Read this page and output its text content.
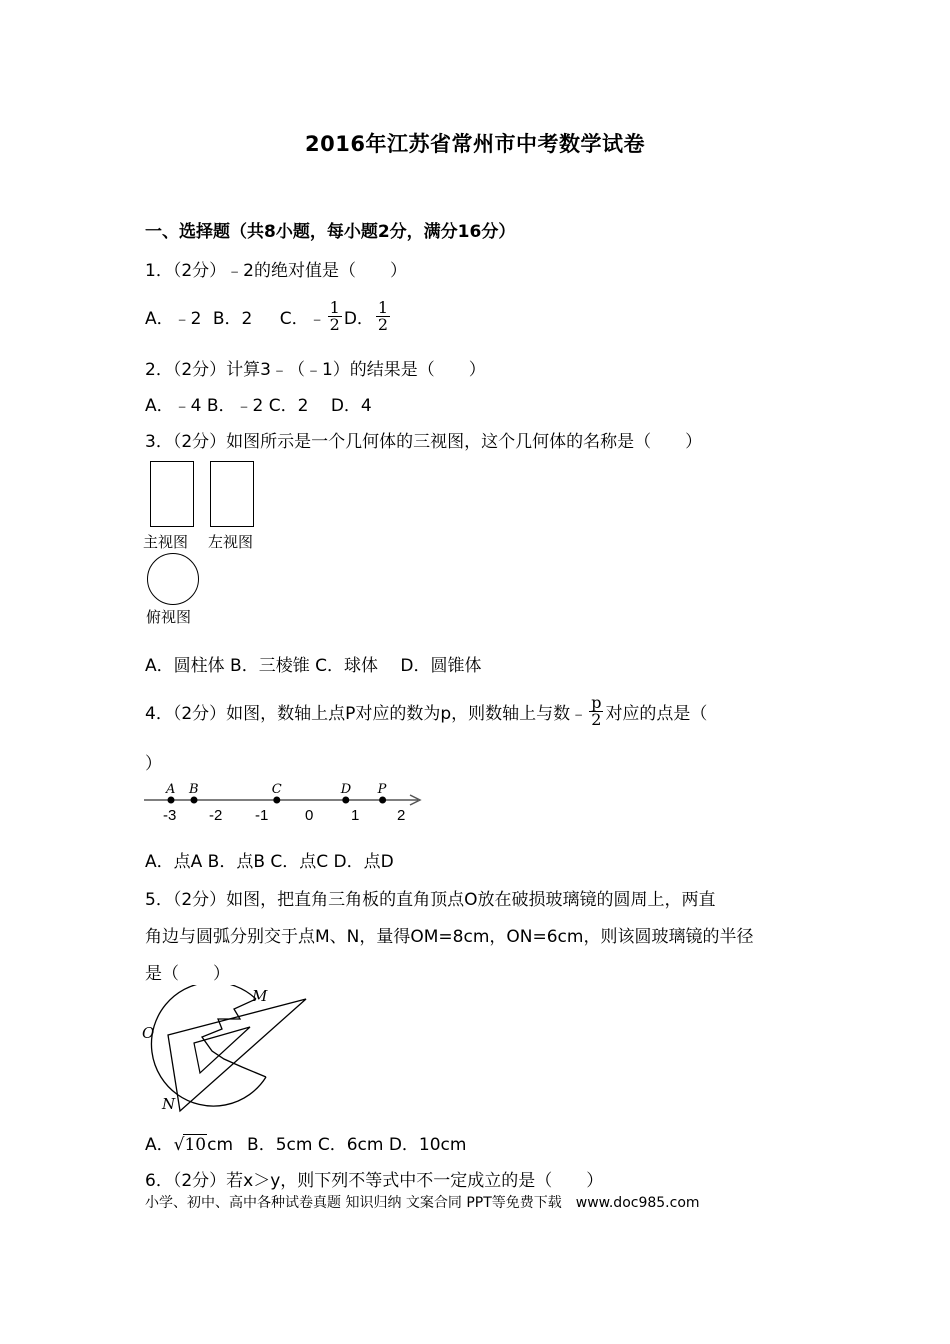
2016年江苏省常州市中考数学试卷
一、选择题（共8小题，每小题2分，满分16分）
1．（2分）﹣2的绝对值是（　　）
A．﹣2 B．2 C．﹣ $\frac{1}{2}$ D． $\frac{1}{2}$
2．（2分）计算3﹣（﹣1）的结果是（　　）
A．﹣4 B．﹣2 C．2　 D．4
3．（2分）如图所示是一个几何体的三视图，这个几何体的名称是（　　）
主视图 左视图
俯视图
A．圆柱体 B．三棱锥 C．球体　 D．圆锥体
4．（2分）如图，数轴上点P对应的数为p，则数轴上与数﹣ $\frac{p}{2}$ 对应的点是（
）
A B	C	D P
-3 -2 -1 0	1	2
A．点A B．点B C．点C D．点D
5．（2分）如图，把直角三角板的直角顶点O放在破损玻璃镜的圆周上，两直
角边与圆弧分别交于点M、N，量得OM=8cm，ON=6cm，则该圆玻璃镜的半径
是（　　）
M
O
N
A． √ 10 cm B．5cm C．6cm D．10cm
6．（2分）若x＞y，则下列不等式中不一定成立的是（　　）
小学、初中、高中各种试卷真题 知识归纳 文案合同 PPT等免费下载　www.doc985.com
